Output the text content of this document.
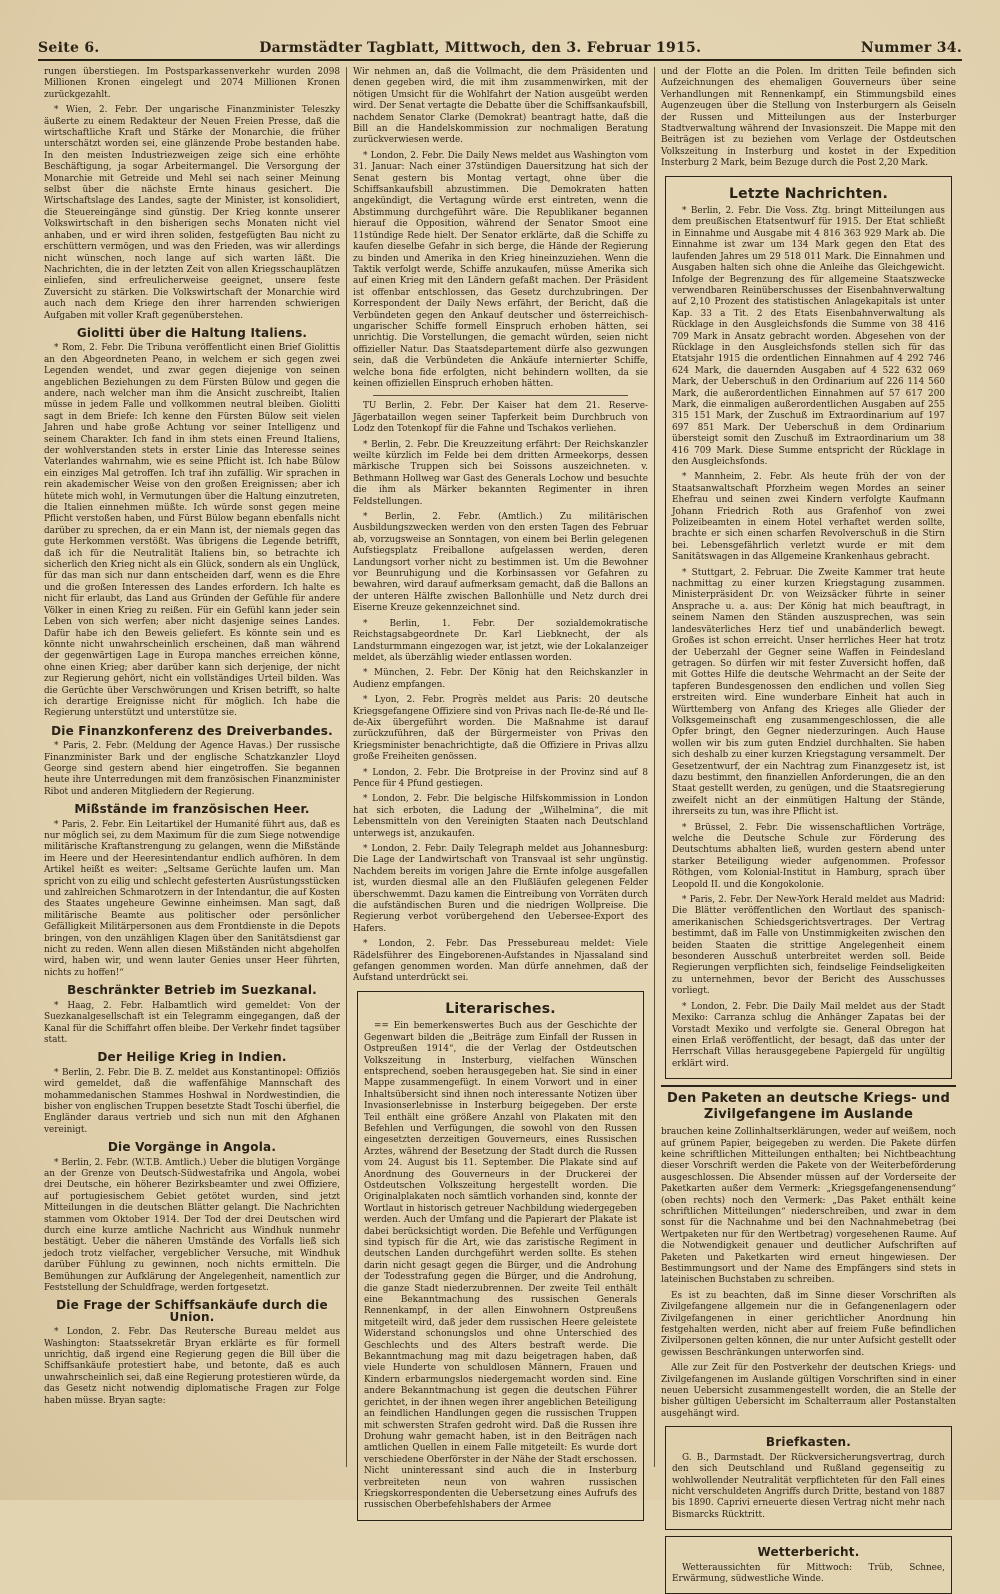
Seite 6.	Darmstädter Tagblatt, Mittwoch, den 3. Februar 1915.	Nummer 34.

rungen überstiegen. Im Postsparkassenverkehr wurden 2098 Millionen Kronen eingelegt und 2074 Millionen Kronen zurückgezahlt.

* Wien, 2. Febr. Der ungarische Finanzminister Teleszky äußerte zu einem Redakteur der Neuen Freien Presse, daß die wirtschaftliche Kraft und Stärke der Monarchie, die früher unterschätzt worden sei, eine glänzende Probe bestanden habe. In den meisten Industriezweigen zeige sich eine erhöhte Beschäftigung, ja sogar Arbeitermangel. Die Versorgung der Monarchie mit Getreide und Mehl sei nach seiner Meinung selbst über die nächste Ernte hinaus gesichert. Die Wirtschaftslage des Landes, sagte der Minister, ist konsolidiert, die Steuereingänge sind günstig. Der Krieg konnte unserer Volkswirtschaft in den bisherigen sechs Monaten nicht viel anhaben, und er wird ihren soliden, festgefügten Bau nicht zu erschüttern vermögen, und was den Frieden, was wir allerdings nicht wünschen, noch lange auf sich warten läßt. Die Nachrichten, die in der letzten Zeit von allen Kriegsschauplätzen einliefen, sind erfreulicherweise geeignet, unsere feste Zuversicht zu stärken. Die Volkswirtschaft der Monarchie wird auch nach dem Kriege den ihrer harrenden schwierigen Aufgaben mit voller Kraft gegenüberstehen.

Giolitti über die Haltung Italiens.

* Rom, 2. Febr. Die Tribuna veröffentlicht einen Brief Giolittis an den Abgeordneten Peano, in welchem er sich gegen zwei Legenden wendet, und zwar gegen diejenige von seinen angeblichen Beziehungen zu dem Fürsten Bülow und gegen die andere, nach welcher man ihm die Ansicht zuschreibt, Italien müsse in jedem Falle und vollkommen neutral bleiben. Giolitti sagt in dem Briefe: Ich kenne den Fürsten Bülow seit vielen Jahren und habe große Achtung vor seiner Intelligenz und seinem Charakter. Ich fand in ihm stets einen Freund Italiens, der wohlverstanden stets in erster Linie das Interesse seines Vaterlandes wahrnahm, wie es seine Pflicht ist. Ich habe Bülow ein einziges Mal getroffen. Ich traf ihn zufällig. Wir sprachen in rein akademischer Weise von den großen Ereignissen; aber ich hütete mich wohl, in Vermutungen über die Haltung einzutreten, die Italien einnehmen müßte. Ich würde sonst gegen meine Pflicht verstoßen haben, und Fürst Bülow begann ebenfalls nicht darüber zu sprechen, da er ein Mann ist, der niemals gegen das gute Herkommen verstößt. Was übrigens die Legende betrifft, daß ich für die Neutralität Italiens bin, so betrachte ich sicherlich den Krieg nicht als ein Glück, sondern als ein Unglück, für das man sich nur dann entscheiden darf, wenn es die Ehre und die großen Interessen des Landes erfordern. Ich halte es nicht für erlaubt, das Land aus Gründen der Gefühle für andere Völker in einen Krieg zu reißen. Für ein Gefühl kann jeder sein Leben von sich werfen; aber nicht dasjenige seines Landes. Dafür habe ich den Beweis geliefert. Es könnte sein und es könnte nicht unwahrscheinlich erscheinen, daß man während der gegenwärtigen Lage in Europa manches erreichen könne, ohne einen Krieg; aber darüber kann sich derjenige, der nicht zur Regierung gehört, nicht ein vollständiges Urteil bilden. Was die Gerüchte über Verschwörungen und Krisen betrifft, so halte ich derartige Ereignisse nicht für möglich. Ich habe die Regierung unterstützt und unterstütze sie.

Die Finanzkonferenz des Dreiverbandes.

* Paris, 2. Febr. (Meldung der Agence Havas.) Der russische Finanzminister Bark und der englische Schatzkanzler Lloyd George sind gestern abend hier eingetroffen. Sie begannen heute ihre Unterredungen mit dem französischen Finanzminister Ribot und anderen Mitgliedern der Regierung.

Mißstände im französischen Heer.

* Paris, 2. Febr. Ein Leitartikel der Humanité führt aus, daß es nur möglich sei, zu dem Maximum für die zum Siege notwendige militärische Kraftanstrengung zu gelangen, wenn die Mißstände im Heere und der Heeresintendantur endlich aufhören. In dem Artikel heißt es weiter: „Seltsame Gerüchte laufen um. Man spricht von zu eilig und schlecht gefesterten Ausrüstungsstücken und zahlreichen Schmarotzern in der Intendantur, die auf Kosten des Staates ungeheure Gewinne einheimsen. Man sagt, daß militärische Beamte aus politischer oder persönlicher Gefälligkeit Militärpersonen aus dem Frontdienste in die Depots bringen, von den unzähligen Klagen über den Sanitätsdienst gar nicht zu reden. Wenn allen diesen Mißständen nicht abgeholfen wird, haben wir, und wenn lauter Genies unser Heer führten, nichts zu hoffen!“

Beschränkter Betrieb im Suezkanal.

* Haag, 2. Febr. Halbamtlich wird gemeldet: Von der Suezkanalgesellschaft ist ein Telegramm eingegangen, daß der Kanal für die Schiffahrt offen bleibe. Der Verkehr findet tagsüber statt.

Der Heilige Krieg in Indien.

* Berlin, 2. Febr. Die B. Z. meldet aus Konstantinopel: Offiziös wird gemeldet, daß die waffenfähige Mannschaft des mohammedanischen Stammes Hoshwal in Nordwestindien, die bisher von englischen Truppen besetzte Stadt Toschi überfiel, die Engländer daraus vertrieb und sich nun mit den Afghanen vereinigt.

Die Vorgänge in Angola.

* Berlin, 2. Febr. (W.T.B. Amtlich.) Ueber die blutigen Vorgänge an der Grenze von Deutsch-Südwestafrika und Angola, wobei drei Deutsche, ein höherer Bezirksbeamter und zwei Offiziere, auf portugiesischem Gebiet getötet wurden, sind jetzt Mitteilungen in die deutschen Blätter gelangt. Die Nachrichten stammen vom Oktober 1914. Der Tod der drei Deutschen wird durch eine kurze amtliche Nachricht aus Windhuk nunmehr bestätigt. Ueber die näheren Umstände des Vorfalls ließ sich jedoch trotz vielfacher, vergeblicher Versuche, mit Windhuk darüber Fühlung zu gewinnen, noch nichts ermitteln. Die Bemühungen zur Aufklärung der Angelegenheit, namentlich zur Feststellung der Schuldfrage, werden fortgesetzt.

Die Frage der Schiffsankäufe durch die Union.

* London, 2. Febr. Das Reutersche Bureau meldet aus Washington: Staatssekretär Bryan erklärte es für formell unrichtig, daß irgend eine Regierung gegen die Bill über die Schiffsankäufe protestiert habe, und betonte, daß es auch unwahrscheinlich sei, daß eine Regierung protestieren würde, da das Gesetz nicht notwendig diplomatische Fragen zur Folge haben müsse. Bryan sagte:

Wir nehmen an, daß die Vollmacht, die dem Präsidenten und denen gegeben wird, die mit ihm zusammenwirken, mit der nötigen Umsicht für die Wohlfahrt der Nation ausgeübt werden wird. Der Senat vertagte die Debatte über die Schiffsankaufsbill, nachdem Senator Clarke (Demokrat) beantragt hatte, daß die Bill an die Handelskommission zur nochmaligen Beratung zurückverwiesen werde.

* London, 2. Febr. Die Daily News meldet aus Washington vom 31. Januar: Nach einer 37stündigen Dauersitzung hat sich der Senat gestern bis Montag vertagt, ohne über die Schiffsankaufsbill abzustimmen. Die Demokraten hatten angekündigt, die Vertagung würde erst eintreten, wenn die Abstimmung durchgeführt wäre. Die Republikaner begannen hierauf die Opposition, während der Senator Smoot eine 11stündige Rede hielt. Der Senator erklärte, daß die Schiffe zu kaufen dieselbe Gefahr in sich berge, die Hände der Regierung zu binden und Amerika in den Krieg hineinzuziehen. Wenn die Taktik verfolgt werde, Schiffe anzukaufen, müsse Amerika sich auf einen Krieg mit den Ländern gefaßt machen. Der Präsident ist offenbar entschlossen, das Gesetz durchzubringen. Der Korrespondent der Daily News erfährt, der Bericht, daß die Verbündeten gegen den Ankauf deutscher und österreichisch-ungarischer Schiffe formell Einspruch erhoben hätten, sei unrichtig. Die Vorstellungen, die gemacht würden, seien nicht offizieller Natur. Das Staatsdepartement dürfe also gezwungen sein, daß die Verbündeten die Ankäufe internierter Schiffe, welche bona fide erfolgten, nicht behindern wollten, da sie keinen offiziellen Einspruch erhoben hätten.

TU Berlin, 2. Febr. Der Kaiser hat dem 21. Reserve-Jägerbataillon wegen seiner Tapferkeit beim Durchbruch von Lodz den Totenkopf für die Fahne und Tschakos verliehen.

* Berlin, 2. Febr. Die Kreuzzeitung erfährt: Der Reichskanzler weilte kürzlich im Felde bei dem dritten Armeekorps, dessen märkische Truppen sich bei Soissons auszeichneten. v. Bethmann Hollweg war Gast des Generals Lochow und besuchte die ihm als Märker bekannten Regimenter in ihren Feldstellungen.

* Berlin, 2. Febr. (Amtlich.) Zu militärischen Ausbildungszwecken werden von den ersten Tagen des Februar ab, vorzugsweise an Sonntagen, von einem bei Berlin gelegenen Aufstiegsplatz Freiballone aufgelassen werden, deren Landungsort vorher nicht zu bestimmen ist. Um die Bewohner vor Beunruhigung und die Korbinsassen vor Gefahren zu bewahren, wird darauf aufmerksam gemacht, daß die Ballons an der unteren Hälfte zwischen Ballonhülle und Netz durch drei Eiserne Kreuze gekennzeichnet sind.

* Berlin, 1. Febr. Der sozialdemokratische Reichstagsabgeordnete Dr. Karl Liebknecht, der als Landsturmmann eingezogen war, ist jetzt, wie der Lokalanzeiger meldet, als überzählig wieder entlassen worden.

* München, 2. Febr. Der König hat den Reichskanzler in Audienz empfangen.

* Lyon, 2. Febr. Progrès meldet aus Paris: 20 deutsche Kriegsgefangene Offiziere sind von Privas nach Ile-de-Ré und Ile-de-Aix übergeführt worden. Die Maßnahme ist darauf zurückzuführen, daß der Bürgermeister von Privas den Kriegsminister benachrichtigte, daß die Offiziere in Privas allzu große Freiheiten genössen.

* London, 2. Febr. Die Brotpreise in der Provinz sind auf 8 Pence für 4 Pfund gestiegen.

* London, 2. Febr. Die belgische Hilfskommission in London hat sich erboten, die Ladung der „Wilhelmina“, die mit Lebensmitteln von den Vereinigten Staaten nach Deutschland unterwegs ist, anzukaufen.

* London, 2. Febr. Daily Telegraph meldet aus Johannesburg: Die Lage der Landwirtschaft von Transvaal ist sehr ungünstig. Nachdem bereits im vorigen Jahre die Ernte infolge ausgefallen ist, wurden diesmal alle an den Flußläufen gelegenen Felder überschwemmt. Dazu kamen die Eintreibung von Vorräten durch die aufständischen Buren und die niedrigen Wollpreise. Die Regierung verbot vorübergehend den Ueberseе-Export des Hafers.

* London, 2. Febr. Das Pressebureau meldet: Viele Rädelsführer des Eingeborenen-Aufstandes in Njassaland sind gefangen genommen worden. Man dürfe annehmen, daß der Aufstand unterdrückt sei.

Literarisches.

== Ein bemerkenswertes Buch aus der Geschichte der Gegenwart bilden die „Beiträge zum Einfall der Russen in Ostpreußen 1914“, die der Verlag der Ostdeutschen Volkszeitung in Insterburg, vielfachen Wünschen entsprechend, soeben herausgegeben hat. Sie sind in einer Mappe zusammengefügt. In einem Vorwort und in einer Inhaltsübersicht sind ihnen noch interessante Notizen über Invasionserlebnisse in Insterburg beigegeben. Der erste Teil enthält eine größere Anzahl von Plakaten mit den Befehlen und Verfügungen, die sowohl von den Russen eingesetzten derzeitigen Gouverneurs, eines Russischen Arztes, während der Besetzung der Stadt durch die Russen vom 24. August bis 11. September. Die Plakate sind auf Anordnung des Gouverneurs in der Druckerei der Ostdeutschen Volkszeitung hergestellt worden. Die Originalplakaten noch sämtlich vorhanden sind, konnte der Wortlaut in historisch getreuer Nachbildung wiedergegeben werden. Auch der Umfang und die Papierart der Plakate ist dabei berücksichtigt worden. Die Befehle und Verfügungen sind typisch für die Art, wie das zaristische Regiment in deutschen Landen durchgeführt werden sollte. Es stehen darin nicht gesagt gegen die Bürger, und die Androhung der Todesstrafung gegen die Bürger, und die Androhung, die ganze Stadt niederzubrennen. Der zweite Teil enthält eine Bekanntmachung des russischen Generals Rennenkampf, in der allen Einwohnern Ostpreußens mitgeteilt wird, daß jeder dem russischen Heere geleistete Widerstand schonungslos und ohne Unterschied des Geschlechts und des Alters bestraft werde. Die Bekanntmachung mag mit dazu beigetragen haben, daß viele Hunderte von schuldlosen Männern, Frauen und Kindern erbarmungslos niedergemacht worden sind. Eine andere Bekanntmachung ist gegen die deutschen Führer gerichtet, in der ihnen wegen ihrer angeblichen Beteiligung an feindlichen Handlungen gegen die russischen Truppen mit schwersten Strafen gedroht wird. Daß die Russen ihre Drohung wahr gemacht haben, ist in den Beiträgen nach amtlichen Quellen in einem Falle mitgeteilt: Es wurde dort verschiedene Oberförster in der Nähe der Stadt erschossen. Nicht uninteressant sind auch die in Insterburg verbreiteten neun von wahren russischen Kriegskorrespondenten die Uebersetzung eines Aufrufs des russischen Oberbefehlshabers der Armee

und der Flotte an die Polen. Im dritten Teile befinden sich Aufzeichnungen des ehemaligen Gouverneurs über seine Verhandlungen mit Rennenkampf, ein Stimmungsbild eines Augenzeugen über die Stellung von Insterburgern als Geiseln der Russen und Mitteilungen aus der Insterburger Stadtverwaltung während der Invasionszeit. Die Mappe mit den Beiträgen ist zu beziehen vom Verlage der Ostdeutschen Volkszeitung in Insterburg und kostet in der Expedition Insterburg 2 Mark, beim Bezuge durch die Post 2,20 Mark.

Letzte Nachrichten.

* Berlin, 2. Febr. Die Voss. Ztg. bringt Mitteilungen aus dem preußischen Etatsentwurf für 1915. Der Etat schließt in Einnahme und Ausgabe mit 4 816 363 929 Mark ab. Die Einnahme ist zwar um 134 Mark gegen den Etat des laufenden Jahres um 29 518 011 Mark. Die Einnahmen und Ausgaben halten sich ohne die Anleihe das Gleichgewicht. Infolge der Begrenzung des für allgemeine Staatszwecke verwendbaren Reinüberschusses der Eisenbahnverwaltung auf 2,10 Prozent des statistischen Anlagekapitals ist unter Kap. 33 a Tit. 2 des Etats Eisenbahnverwaltung als Rücklage in den Ausgleichsfonds die Summe von 38 416 709 Mark in Ansatz gebracht worden. Abgesehen von der Rücklage in den Ausgleichsfonds stellen sich für das Etatsjahr 1915 die ordentlichen Einnahmen auf 4 292 746 624 Mark, die dauernden Ausgaben auf 4 522 632 069 Mark, der Ueberschuß in den Ordinarium auf 226 114 560 Mark, die außerordentlichen Einnahmen auf 57 617 200 Mark, die einmaligen außerordentlichen Ausgaben auf 255 315 151 Mark, der Zuschuß im Extraordinarium auf 197 697 851 Mark. Der Ueberschuß in dem Ordinarium übersteigt somit den Zuschuß im Extraordinarium um 38 416 709 Mark. Diese Summe entspricht der Rücklage in den Ausgleichsfonds.

* Mannheim, 2. Febr. Als heute früh der von der Staatsanwaltschaft Pforzheim wegen Mordes an seiner Ehefrau und seinen zwei Kindern verfolgte Kaufmann Johann Friedrich Roth aus Grafenhof von zwei Polizeibeamten in einem Hotel verhaftet werden sollte, brachte er sich einen scharfen Revolverschuß in die Stirn bei. Lebensgefährlich verletzt wurde er mit dem Sanitätswagen in das Allgemeine Krankenhaus gebracht.

* Stuttgart, 2. Februar. Die Zweite Kammer trat heute nachmittag zu einer kurzen Kriegstagung zusammen. Ministerpräsident Dr. von Weizsäcker führte in seiner Ansprache u. a. aus: Der König hat mich beauftragt, in seinem Namen den Ständen auszusprechen, was sein landesväterliches Herz tief und unabänderlich bewegt. Großes ist schon erreicht. Unser herrliches Heer hat trotz der Ueberzahl der Gegner seine Waffen in Feindesland getragen. So dürfen wir mit fester Zuversicht hoffen, daß mit Gottes Hilfe die deutsche Wehrmacht an der Seite der tapferen Bundesgenossen den endlichen und vollen Sieg erstreiten wird. Eine wunderbare Einheit hat auch in Württemberg von Anfang des Krieges alle Glieder der Volksgemeinschaft eng zusammengeschlossen, die alle Opfer bringt, den Gegner niederzuringen. Auch Hause wollen wir bis zum guten Endziel durchhalten. Sie haben sich deshalb zu einer kurzen Kriegstagung versammelt. Der Gesetzentwurf, der ein Nachtrag zum Finanzgesetz ist, ist dazu bestimmt, den finanziellen Anforderungen, die an den Staat gestellt werden, zu genügen, und die Staatsregierung zweifelt nicht an der einmütigen Haltung der Stände, ihrerseits zu tun, was ihre Pflicht ist.

* Brüssel, 2. Febr. Die wissenschaftlichen Vorträge, welche die Deutsche Schule zur Förderung des Deutschtums abhalten ließ, wurden gestern abend unter starker Beteiligung wieder aufgenommen. Professor Röthgen, vom Kolonial-Institut in Hamburg, sprach über Leopold II. und die Kongokolonie.

* Paris, 2. Febr. Der New-York Herald meldet aus Madrid: Die Blätter veröffentlichen den Wortlaut des spanisch-amerikanischen Schiedsgerichtsvertrages. Der Vertrag bestimmt, daß im Falle von Unstimmigkeiten zwischen den beiden Staaten die strittige Angelegenheit einem besonderen Ausschuß unterbreitet werden soll. Beide Regierungen verpflichten sich, feindselige Feindseligkeiten zu unternehmen, bevor der Bericht des Ausschusses vorliegt.

* London, 2. Febr. Die Daily Mail meldet aus der Stadt Mexiko: Carranza schlug die Anhänger Zapatas bei der Vorstadt Mexiko und verfolgte sie. General Obregon hat einen Erlaß veröffentlicht, der besagt, daß das unter der Herrschaft Villas herausgegebene Papiergeld für ungültig erklärt wird.

Den Paketen an deutsche Kriegs- und Zivilgefangene im Auslande

brauchen keine Zollinhaltserklärungen, weder auf weißem, noch auf grünem Papier, beigegeben zu werden. Die Pakete dürfen keine schriftlichen Mitteilungen enthalten; bei Nichtbeachtung dieser Vorschrift werden die Pakete von der Weiterbeförderung ausgeschlossen. Die Absender müssen auf der Vorderseite der Paketkarten außer dem Vermerk: „Kriegsgefangenensendung“ (oben rechts) noch den Vermerk: „Das Paket enthält keine schriftlichen Mitteilungen“ niederschreiben, und zwar in dem sonst für die Nachnahme und bei den Nachnahmebetrag (bei Wertpaketen nur für den Wertbetrag) vorgesehenen Raume. Auf die Notwendigkeit genauer und deutlicher Aufschriften auf Paketen und Paketkarten wird erneut hingewiesen. Der Bestimmungsort und der Name des Empfängers sind stets in lateinischen Buchstaben zu schreiben.

Es ist zu beachten, daß im Sinne dieser Vorschriften als Zivilgefangene allgemein nur die in Gefangenenlagern oder Zivilgefangenen in einer gerichtlicher Anordnung hin festgehalten werden, nicht aber auf freiem Fuße befindlichen Zivilpersonen gelten können, die nur unter Aufsicht gestellt oder gewissen Beschränkungen unterworfen sind.

Alle zur Zeit für den Postverkehr der deutschen Kriegs- und Zivilgefangenen im Auslande gültigen Vorschriften sind in einer neuen Uebersicht zusammengestellt worden, die an Stelle der bisher gültigen Uebersicht im Schalterraum aller Postanstalten ausgehängt wird.

Briefkasten.

G. B., Darmstadt. Der Rückversicherungsvertrag, durch den sich Deutschland und Rußland gegenseitig zu wohlwollender Neutralität verpflichteten für den Fall eines nicht verschuldeten Angriffs durch Dritte, bestand von 1887 bis 1890. Caprivi erneuerte diesen Vertrag nicht mehr nach Bismarcks Rücktritt.

Wetterbericht.

Wetteraussichten für Mittwoch: Trüb, Schnee, Erwärmung, südwestliche Winde.
